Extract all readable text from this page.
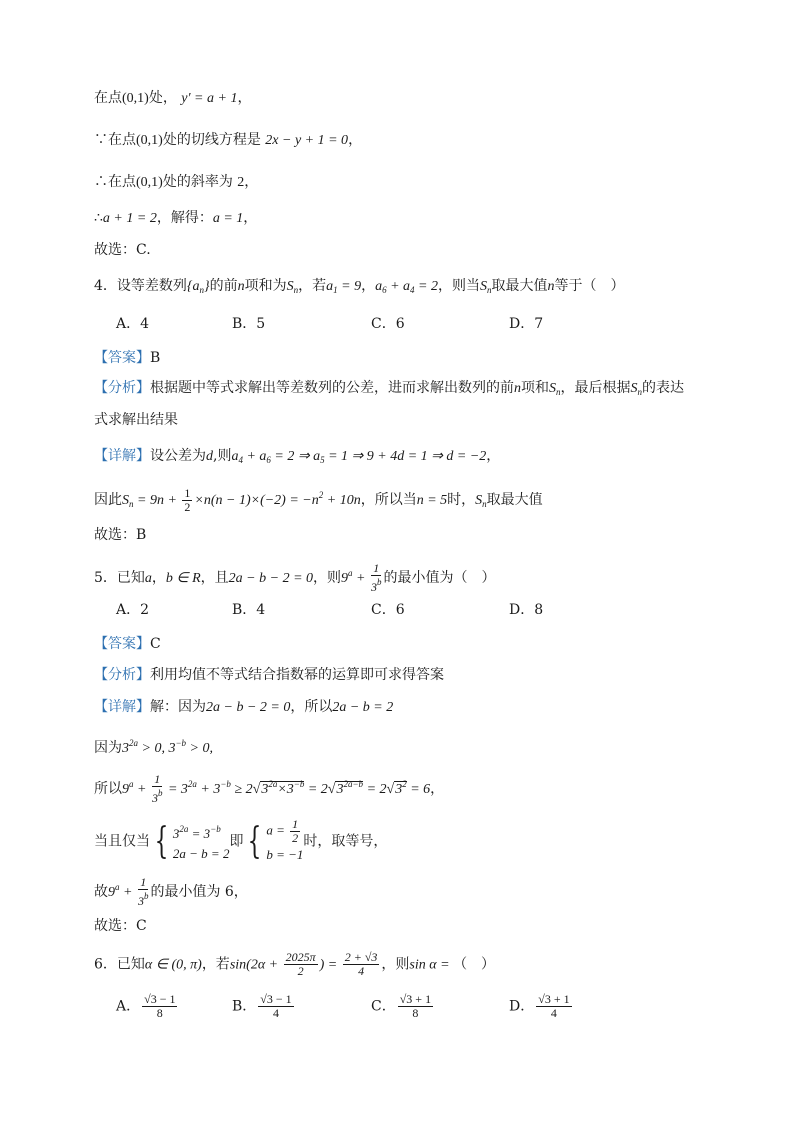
在点(0,1)处， y′ = a + 1，
∵在点(0,1)处的切线方程是 2x − y + 1 = 0，
∴在点(0,1)处的斜率为 2，
∴a + 1 = 2，解得：a = 1，
故选：C.
4．设等差数列$\{a_n\}$的前n项和为$S_n$，若$a_1 = 9$，$a_6 + a_4 = 2$，则当$S_n$取最大值n等于（　）
A．4	B．5	C．6	D．7
【答案】B
【分析】根据题中等式求解出等差数列的公差，进而求解出数列的前n项和$S_n$，最后根据$S_n$的表达
式求解出结果
【详解】设公差为d,则$a_4 + a_6 = 2$ ⇒ $a_5 = 1$ ⇒ 9 + 4d = 1 ⇒ d = −2，
因此$S_n = 9n + \frac{1}{2} \times n(n - 1)\times(-2) = -n^2 + 10n$，所以当n = 5时，$S_n$取最大值
故选：B
5．已知a，b ∈ R，且2a − b − 2 = 0，则$9^a + \frac{1}{3^b}$ 的最小值为（　）
A．2	B．4	C．6	D．8
【答案】C
【分析】利用均值不等式结合指数幂的运算即可求得答案
【详解】解：因为2a − b − 2 = 0，所以2a − b = 2
因为$3^{2a} > 0$, $3^{-b} > 0$,
所以$9^a + \frac{1}{3^b} = 3^{2a} + 3^{-b} \ge 2√3^{2a}\times 3^{-b} = 2√3^{2a-b} = 2√3^2 = 6$，
当且仅当 { $3^{2a} = 3^{-b}$
2a − b = 2
即 { $a = \frac{1}{2}$
b = −1
时，取等号，
故$9^a + \frac{1}{3^b}$ 的最小值为 6，
故选：C
6．已知α ∈ (0, π)，若$\sin(2\alpha + \frac{2025\pi}{2}$ ) = $\frac{2 + √3}{4}$ ，则sin α = （　）
A． $\frac{√3 - 1}{8}$	B． $\frac{√3 - 1}{4}$	C． $\frac{√3 + 1}{8}$	D． $\frac{√3 + 1}{4}$
